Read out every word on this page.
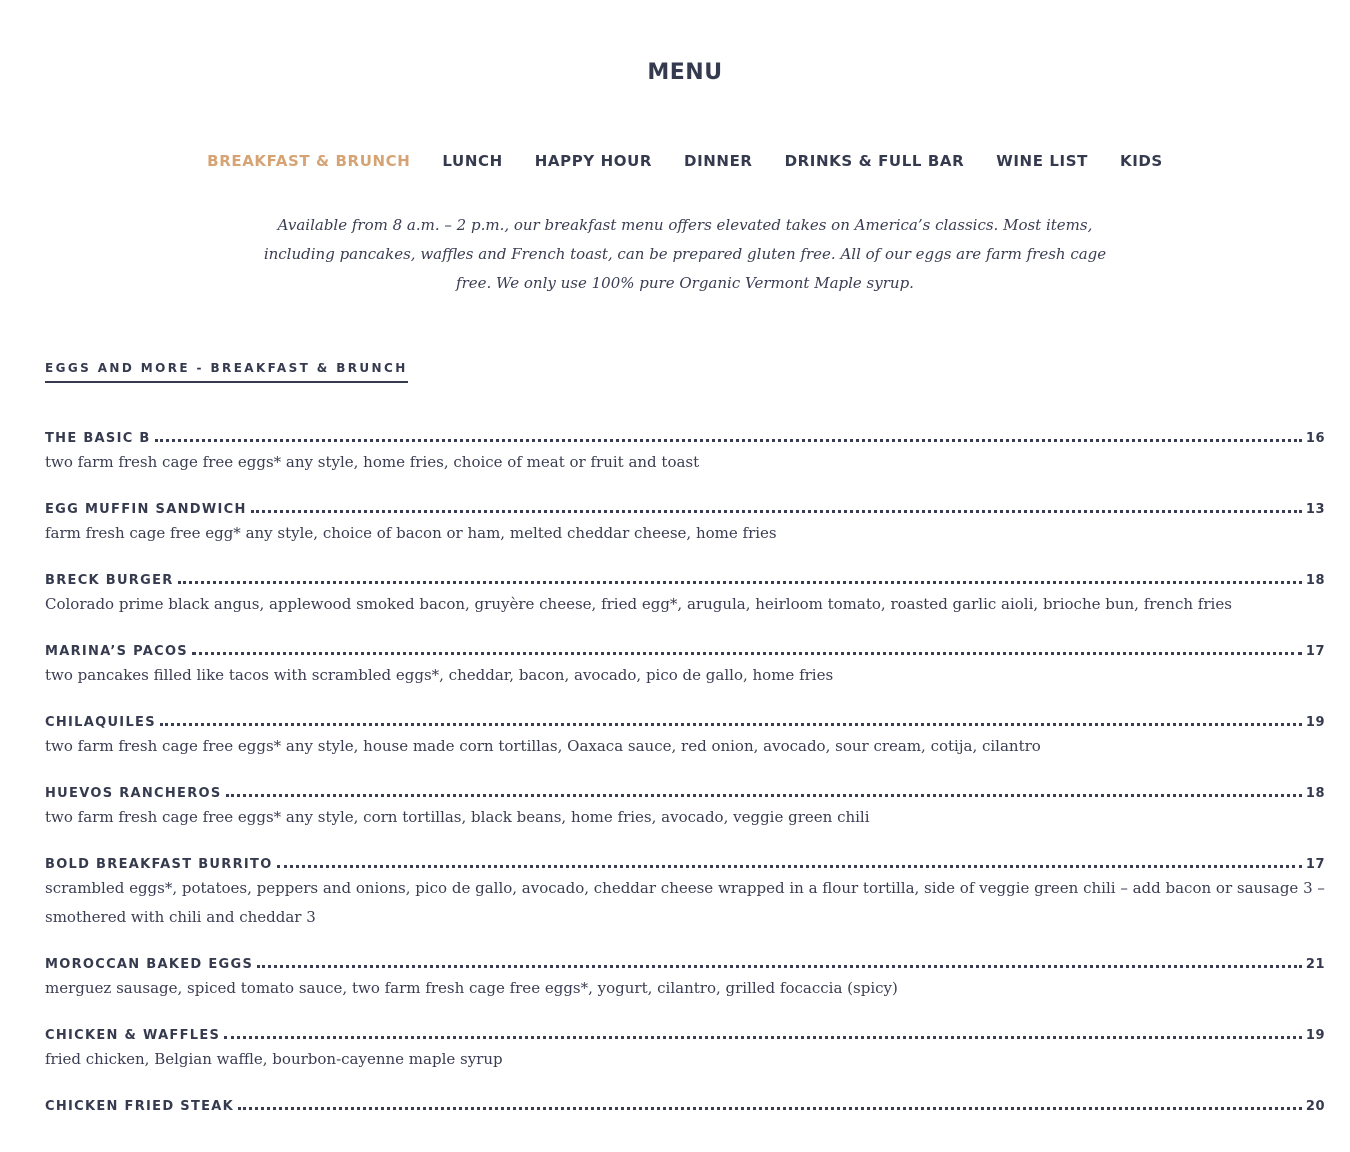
MENU
BREAKFAST & BRUNCH LUNCH HAPPY HOUR DINNER DRINKS & FULL BAR WINE LIST KIDS

Available from 8 a.m. – 2 p.m., our breakfast menu offers elevated takes on America’s classics. Most items, including pancakes, waffles and French toast, can be prepared gluten free. All of our eggs are farm fresh cage free. We only use 100% pure Organic Vermont Maple syrup.

EGGS AND MORE - BREAKFAST & BRUNCH
THE BASIC B	16
two farm fresh cage free eggs* any style, home fries, choice of meat or fruit and toast
EGG MUFFIN SANDWICH	13
farm fresh cage free egg* any style, choice of bacon or ham, melted cheddar cheese, home fries
BRECK BURGER	18
Colorado prime black angus, applewood smoked bacon, gruyère cheese, fried egg*, arugula, heirloom tomato, roasted garlic aioli, brioche bun, french fries
MARINA’S PACOS	17
two pancakes filled like tacos with scrambled eggs*, cheddar, bacon, avocado, pico de gallo, home fries
CHILAQUILES	19
two farm fresh cage free eggs* any style, house made corn tortillas, Oaxaca sauce, red onion, avocado, sour cream, cotija, cilantro
HUEVOS RANCHEROS	18
two farm fresh cage free eggs* any style, corn tortillas, black beans, home fries, avocado, veggie green chili
BOLD BREAKFAST BURRITO	17
scrambled eggs*, potatoes, peppers and onions, pico de gallo, avocado, cheddar cheese wrapped in a flour tortilla, side of veggie green chili – add bacon or sausage 3 – smothered with chili and cheddar 3
MOROCCAN BAKED EGGS	21
merguez sausage, spiced tomato sauce, two farm fresh cage free eggs*, yogurt, cilantro, grilled focaccia (spicy)
CHICKEN & WAFFLES	19
fried chicken, Belgian waffle, bourbon-cayenne maple syrup
CHICKEN FRIED STEAK	20
